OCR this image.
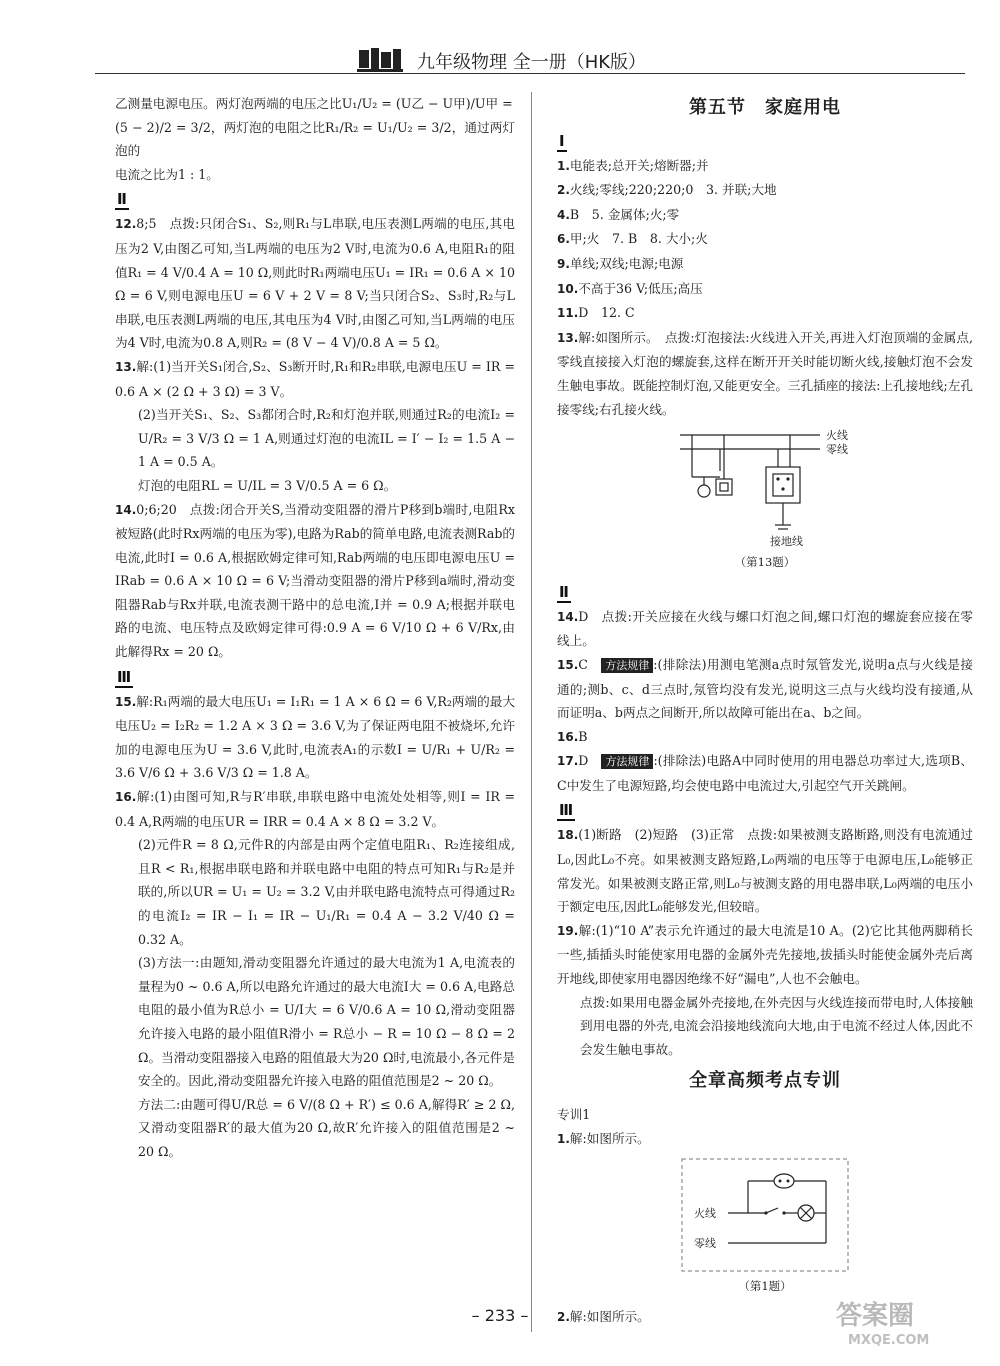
九年级物理 全一册（HK版）

乙测量电源电压。两灯泡两端的电压之比U₁/U₂ = (U乙 − U甲)/U甲 =

(5 − 2)/2 = 3/2，两灯泡的电阻之比R₁/R₂ = U₁/U₂ = 3/2，通过两灯泡的

电流之比为1 : 1。

Ⅱ

12.8;5　点拨:只闭合S₁、S₂,则R₁与L串联,电压表测L两端的电压,其电压为2 V,由图乙可知,当L两端的电压为2 V时,电流为0.6 A,电阻R₁的阻值R₁ = 4 V/0.4 A = 10 Ω,则此时R₁两端电压U₁ = IR₁ = 0.6 A × 10 Ω = 6 V,则电源电压U = 6 V + 2 V = 8 V;当只闭合S₂、S₃时,R₂与L串联,电压表测L两端的电压,其电压为4 V时,由图乙可知,当L两端的电压为4 V时,电流为0.8 A,则R₂ = (8 V − 4 V)/0.8 A = 5 Ω。

13.解:(1)当开关S₁闭合,S₂、S₃断开时,R₁和R₂串联,电源电压U = IR = 0.6 A × (2 Ω + 3 Ω) = 3 V。

(2)当开关S₁、S₂、S₃都闭合时,R₂和灯泡并联,则通过R₂的电流I₂ = U/R₂ = 3 V/3 Ω = 1 A,则通过灯泡的电流IL = I′ − I₂ = 1.5 A − 1 A = 0.5 A。

灯泡的电阻RL = U/IL = 3 V/0.5 A = 6 Ω。

14.0;6;20　点拨:闭合开关S,当滑动变阻器的滑片P移到b端时,电阻Rx被短路(此时Rx两端的电压为零),电路为Rab的简单电路,电流表测Rab的电流,此时I = 0.6 A,根据欧姆定律可知,Rab两端的电压即电源电压U = IRab = 0.6 A × 10 Ω = 6 V;当滑动变阻器的滑片P移到a端时,滑动变阻器Rab与Rx并联,电流表测干路中的总电流,I并 = 0.9 A;根据并联电路的电流、电压特点及欧姆定律可得:0.9 A = 6 V/10 Ω + 6 V/Rx,由此解得Rx = 20 Ω。

Ⅲ

15.解:R₁两端的最大电压U₁ = I₁R₁ = 1 A × 6 Ω = 6 V,R₂两端的最大电压U₂ = I₂R₂ = 1.2 A × 3 Ω = 3.6 V,为了保证两电阻不被烧坏,允许加的电源电压为U = 3.6 V,此时,电流表A₁的示数I = U/R₁ + U/R₂ = 3.6 V/6 Ω + 3.6 V/3 Ω = 1.8 A。

16.解:(1)由图可知,R与R′串联,串联电路中电流处处相等,则I = IR = 0.4 A,R两端的电压UR = IRR = 0.4 A × 8 Ω = 3.2 V。

(2)元件R = 8 Ω,元件R的内部是由两个定值电阻R₁、R₂连接组成,且R < R₁,根据串联电路和并联电路中电阻的特点可知R₁与R₂是并联的,所以UR = U₁ = U₂ = 3.2 V,由并联电路电流特点可得通过R₂的电流I₂ = IR − I₁ = IR − U₁/R₁ = 0.4 A − 3.2 V/40 Ω = 0.32 A。

(3)方法一:由题知,滑动变阻器允许通过的最大电流为1 A,电流表的量程为0 ~ 0.6 A,所以电路允许通过的最大电流I大 = 0.6 A,电路总电阻的最小值为R总小 = U/I大 = 6 V/0.6 A = 10 Ω,滑动变阻器允许接入电路的最小阻值R滑小 = R总小 − R = 10 Ω − 8 Ω = 2 Ω。当滑动变阻器接入电路的阻值最大为20 Ω时,电流最小,各元件是安全的。因此,滑动变阻器允许接入电路的阻值范围是2 ~ 20 Ω。

方法二:由题可得U/R总 = 6 V/(8 Ω + R′) ≤ 0.6 A,解得R′ ≥ 2 Ω,又滑动变阻器R′的最大值为20 Ω,故R′允许接入的阻值范围是2 ~ 20 Ω。

第五节　家庭用电
Ⅰ

1.电能表;总开关;熔断器;并

2.火线;零线;220;220;0　3. 并联;大地

4.B　5. 金属体;火;零

6.甲;火　7. B　8. 大小;火

9.单线;双线;电源;电源

10.不高于36 V;低压;高压

11.D　12. C

13.解:如图所示。　点拨:灯泡接法:火线进入开关,再进入灯泡顶端的金属点,零线直接接入灯泡的螺旋套,这样在断开开关时能切断火线,接触灯泡不会发生触电事故。既能控制灯泡,又能更安全。三孔插座的接法:上孔接地线;左孔接零线;右孔接火线。

火线
零线
接地线
（第13题）
Ⅱ

14.D　点拨:开关应接在火线与螺口灯泡之间,螺口灯泡的螺旋套应接在零线上。

15.C　方法规律 :(排除法)用测电笔测a点时氖管发光,说明a点与火线是接通的;测b、c、d三点时,氖管均没有发光,说明这三点与火线均没有接通,从而证明a、b两点之间断开,所以故障可能出在a、b之间。

16.B

17.D　方法规律 :(排除法)电路A中同时使用的用电器总功率过大,选项B、C中发生了电源短路,均会使电路中电流过大,引起空气开关跳闸。

Ⅲ

18.(1)断路　(2)短路　(3)正常　点拨:如果被测支路断路,则没有电流通过L₀,因此L₀不亮。如果被测支路短路,L₀两端的电压等于电源电压,L₀能够正常发光。如果被测支路正常,则L₀与被测支路的用电器串联,L₀两端的电压小于额定电压,因此L₀能够发光,但较暗。

19.解:(1)“10 A”表示允许通过的最大电流是10 A。(2)它比其他两脚稍长一些,插插头时能使家用电器的金属外壳先接地,拔插头时能使金属外壳后离开地线,即使家用电器因绝缘不好“漏电”,人也不会触电。

点拨:如果用电器金属外壳接地,在外壳因与火线连接而带电时,人体接触到用电器的外壳,电流会沿接地线流向大地,由于电流不经过人体,因此不会发生触电事故。

全章高频考点专训

专训1

1.解:如图所示。

火线
零线
（第1题）

2.解:如图所示。

– 233 –	答案圈
MXQE.COM
